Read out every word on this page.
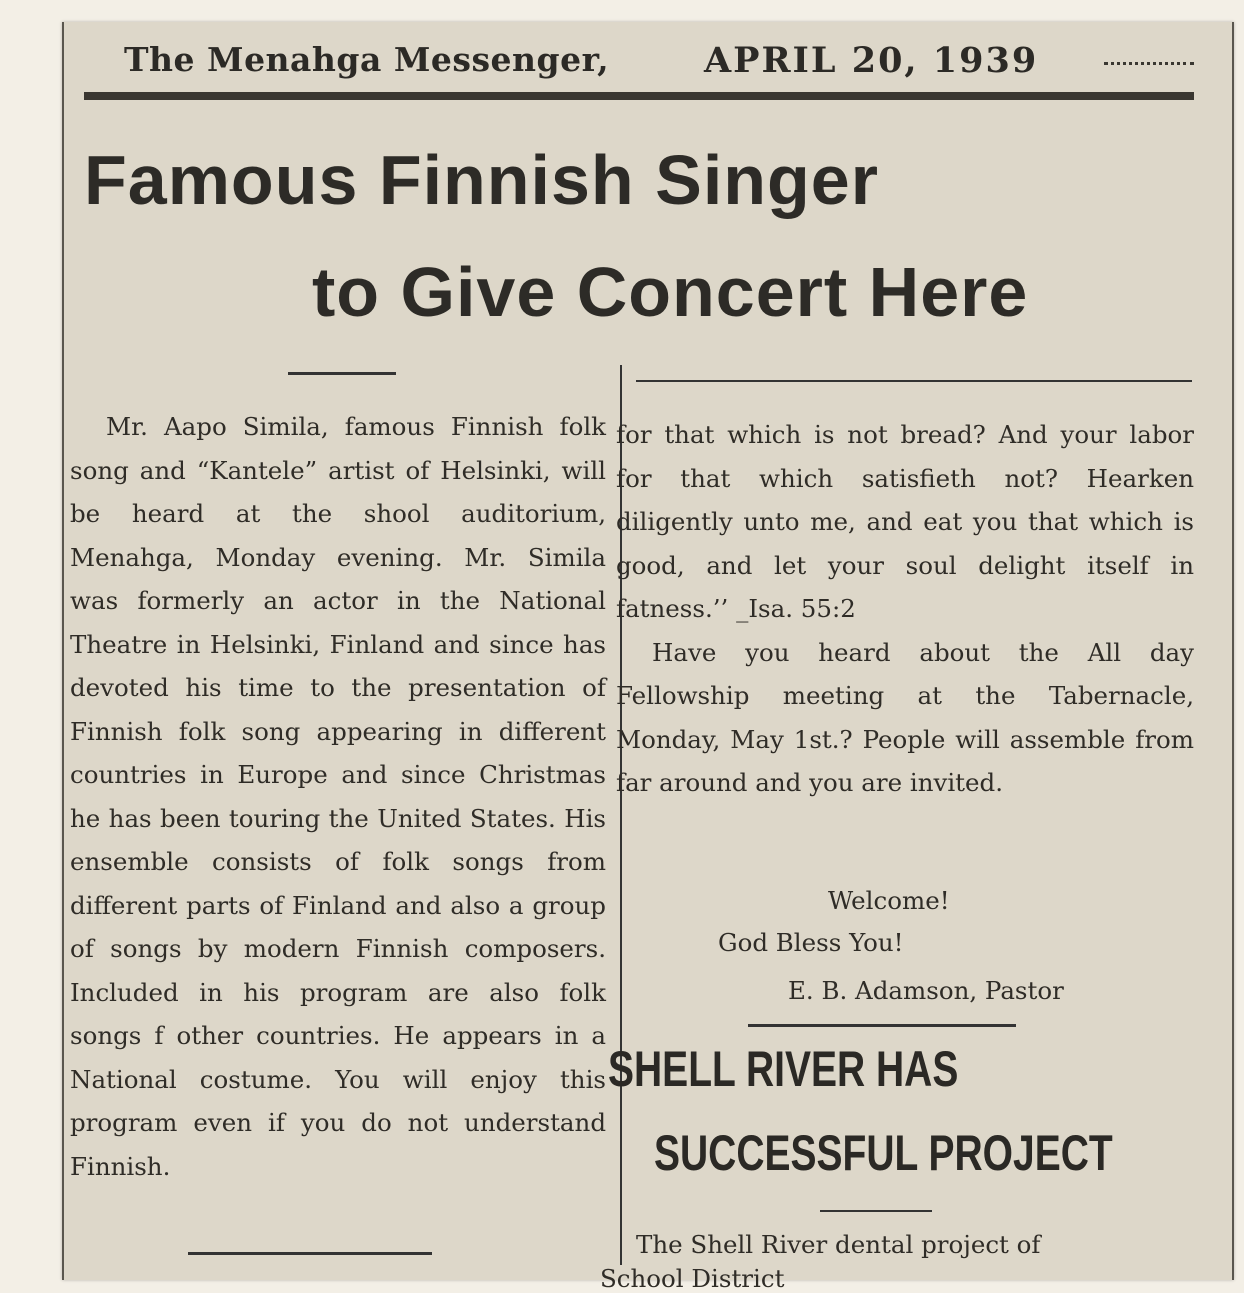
The Menahga Messenger,	APRIL 20, 1939
Famous Finnish Singer
to Give Concert Here

Mr. Aapo Simila, famous Finnish folk song and “Kantele” artist of Helsinki, will be heard at the shool auditorium, Menahga, Monday evening. Mr. Simila was formerly an actor in the National Theatre in Helsinki, Finland and since has devoted his time to the presentation of Finnish folk song appearing in different countries in Europe and since Christmas he has been touring the United States. His ensemble consists of folk songs from different parts of Finland and also a group of songs by modern Finnish composers. Included in his program are also folk songs f other countries. He appears in a National costume. You will enjoy this program even if you do not understand Finnish.

for that which is not bread? And your labor for that which satisfieth not? Hearken diligently unto me, and eat you that which is good, and let your soul delight itself in fatness.’’ _Isa. 55:2

Have you heard about the All day Fellowship meeting at the Tabernacle, Monday, May 1st.? People will assemble from far around and you are invited.

Welcome!
God Bless You!
E. B. Adamson, Pastor
SHELL RIVER HAS
SUCCESSFUL PROJECT
The Shell River dental project of
School District
